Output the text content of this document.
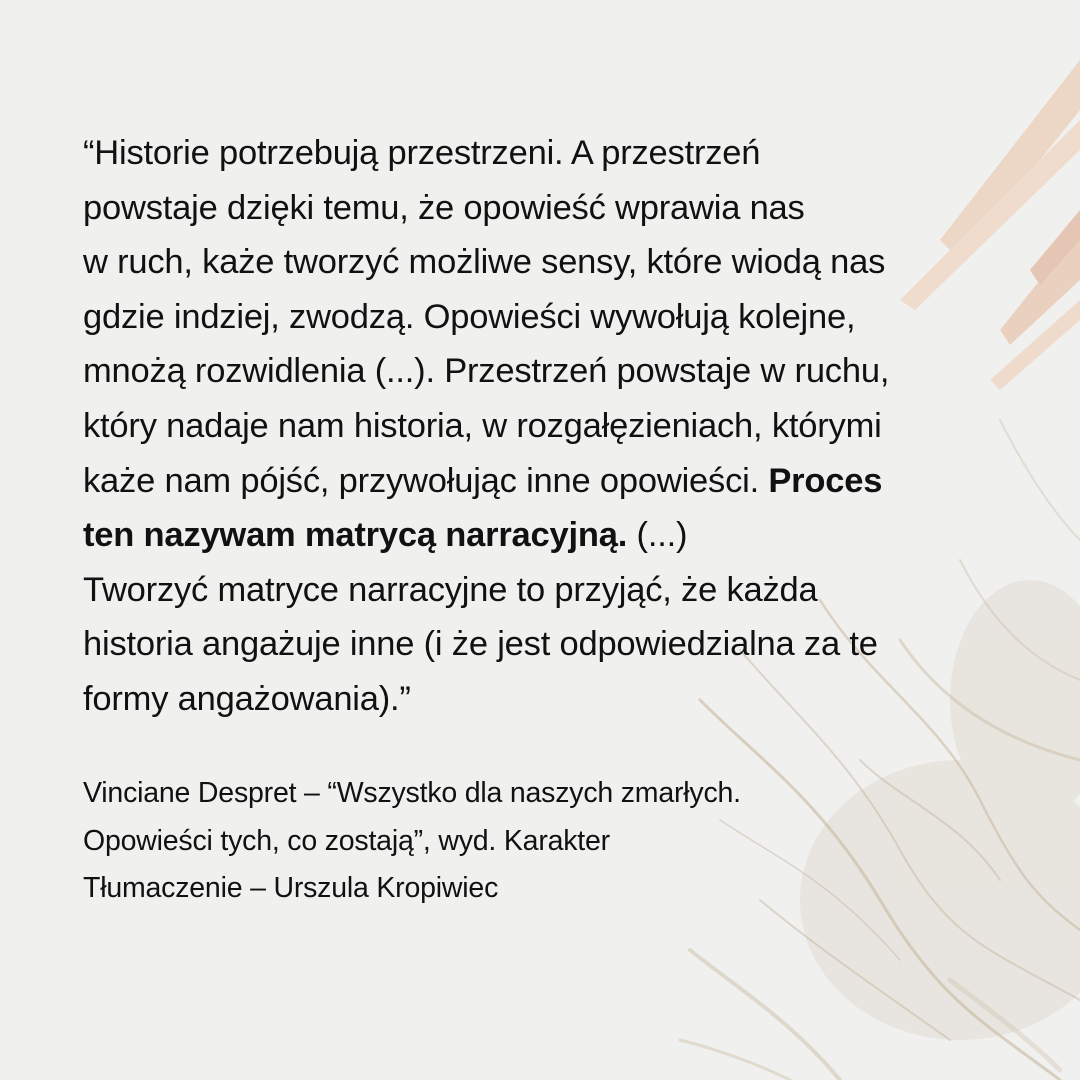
“Historie potrzebują przestrzeni. A przestrzeń
powstaje dzięki temu, że opowieść wprawia nas
w ruch, każe tworzyć możliwe sensy, które wiodą nas
gdzie indziej, zwodzą. Opowieści wywołują kolejne,
mnożą rozwidlenia (...). Przestrzeń powstaje w ruchu,
który nadaje nam historia, w rozgałęzieniach, którymi
każe nam pójść, przywołując inne opowieści. Proces
ten nazywam matrycą narracyjną. (...)
Tworzyć matryce narracyjne to przyjąć, że każda
historia angażuje inne (i że jest odpowiedzialna za te
formy angażowania).”
Vinciane Despret – “Wszystko dla naszych zmarłych.
Opowieści tych, co zostają”, wyd. Karakter
Tłumaczenie – Urszula Kropiwiec
